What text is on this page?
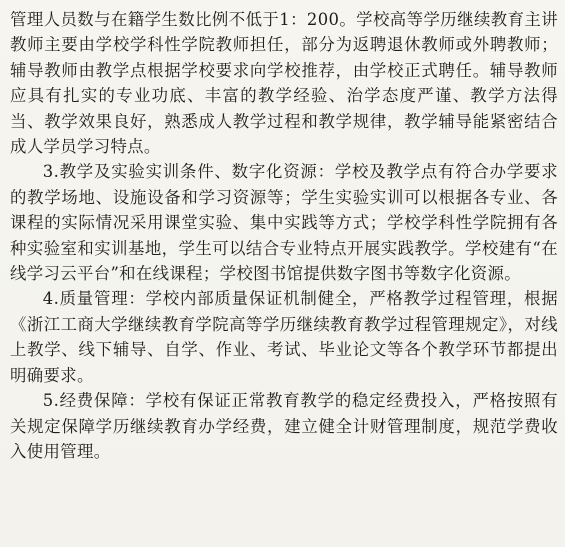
管理人员数与在籍学生数比例不低于1：200。学校高等学历继续教育主讲教师主要由学校学科性学院教师担任，部分为返聘退休教师或外聘教师；辅导教师由教学点根据学校要求向学校推荐，由学校正式聘任。辅导教师应具有扎实的专业功底、丰富的教学经验、治学态度严谨、教学方法得当、教学效果良好，熟悉成人教学过程和教学规律，教学辅导能紧密结合成人学员学习特点。

3.教学及实验实训条件、数字化资源：学校及教学点有符合办学要求的教学场地、设施设备和学习资源等；学生实验实训可以根据各专业、各课程的实际情况采用课堂实验、集中实践等方式；学校学科性学院拥有各种实验室和实训基地，学生可以结合专业特点开展实践教学。学校建有“在线学习云平台”和在线课程；学校图书馆提供数字图书等数字化资源。

4.质量管理：学校内部质量保证机制健全，严格教学过程管理，根据《浙江工商大学继续教育学院高等学历继续教育教学过程管理规定》，对线上教学、线下辅导、自学、作业、考试、毕业论文等各个教学环节都提出明确要求。

5.经费保障：学校有保证正常教育教学的稳定经费投入，严格按照有关规定保障学历继续教育办学经费，建立健全计财管理制度，规范学费收入使用管理。
